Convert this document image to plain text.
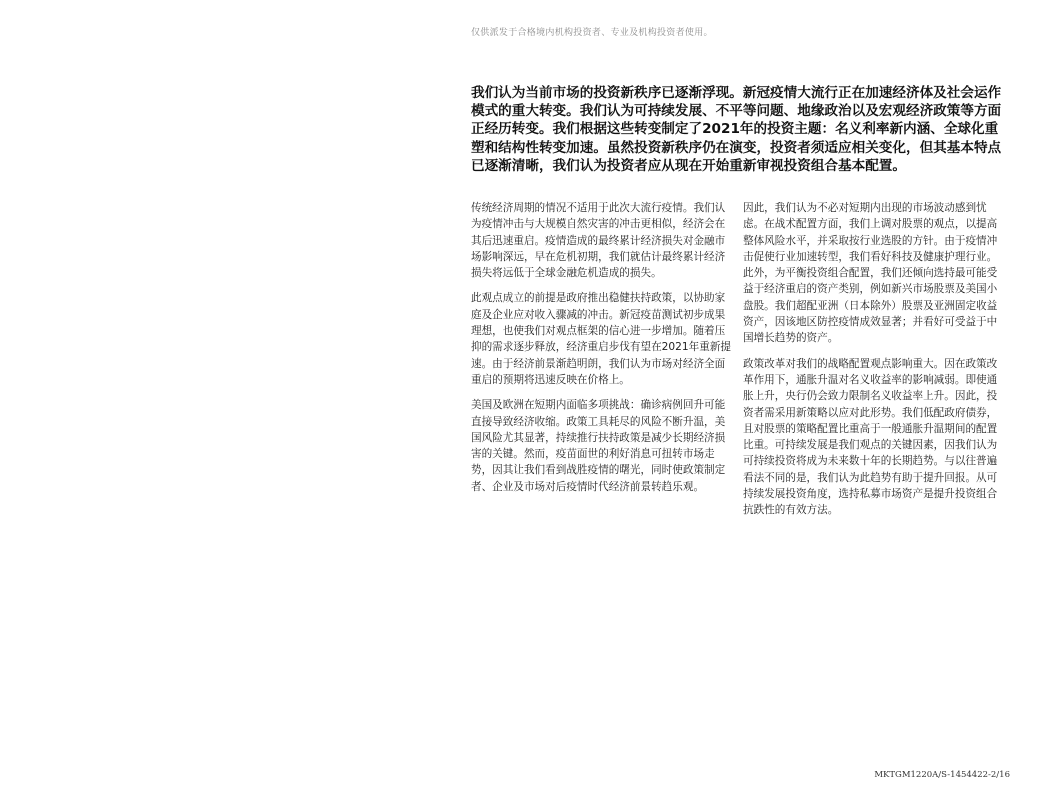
仅供派发于合格境内机构投资者、专业及机构投资者使用。

我们认为当前市场的投资新秩序已逐渐浮现。新冠疫情大流行正在加速经济体及社会运作模式的重大转变。我们认为可持续发展、不平等问题、地缘政治以及宏观经济政策等方面正经历转变。我们根据这些转变制定了2021年的投资主题：名义利率新内涵、全球化重塑和结构性转变加速。虽然投资新秩序仍在演变，投资者须适应相关变化，但其基本特点已逐渐清晰，我们认为投资者应从现在开始重新审视投资组合基本配置。

传统经济周期的情况不适用于此次大流行疫情。我们认为疫情冲击与大规模自然灾害的冲击更相似，经济会在其后迅速重启。疫情造成的最终累计经济损失对金融市场影响深远，早在危机初期，我们就估计最终累计经济损失将远低于全球金融危机造成的损失。

此观点成立的前提是政府推出稳健扶持政策，以协助家庭及企业应对收入骤减的冲击。新冠疫苗测试初步成果理想，也使我们对观点框架的信心进一步增加。随着压抑的需求逐步释放，经济重启步伐有望在2021年重新提速。由于经济前景渐趋明朗，我们认为市场对经济全面重启的预期将迅速反映在价格上。

美国及欧洲在短期内面临多项挑战：确诊病例回升可能直接导致经济收缩。政策工具耗尽的风险不断升温，美国风险尤其显著，持续推行扶持政策是减少长期经济损害的关键。然而，疫苗面世的利好消息可扭转市场走势，因其让我们看到战胜疫情的曙光，同时使政策制定者、企业及市场对后疫情时代经济前景转趋乐观。

因此，我们认为不必对短期内出现的市场波动感到忧虑。在战术配置方面，我们上调对股票的观点，以提高整体风险水平，并采取按行业选股的方针。由于疫情冲击促使行业加速转型，我们看好科技及健康护理行业。此外，为平衡投资组合配置，我们还倾向选持最可能受益于经济重启的资产类别，例如新兴市场股票及美国小盘股。我们超配亚洲（日本除外）股票及亚洲固定收益资产，因该地区防控疫情成效显著；并看好可受益于中国增长趋势的资产。

政策改革对我们的战略配置观点影响重大。因在政策改革作用下，通胀升温对名义收益率的影响减弱。即使通胀上升，央行仍会致力限制名义收益率上升。因此，投资者需采用新策略以应对此形势。我们低配政府债券，且对股票的策略配置比重高于一般通胀升温期间的配置比重。可持续发展是我们观点的关键因素，因我们认为可持续投资将成为未来数十年的长期趋势。与以往普遍看法不同的是，我们认为此趋势有助于提升回报。从可持续发展投资角度，选持私募市场资产是提升投资组合抗跌性的有效方法。

MKTGM1220A/S-1454422-2/16
